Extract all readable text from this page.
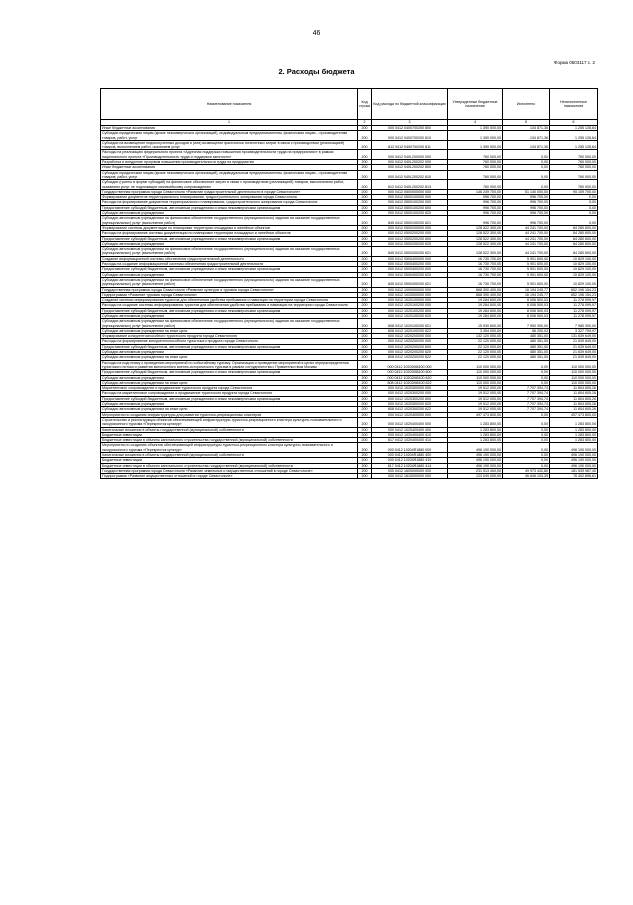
46
Форма 0503117 с. 2
2. Расходы бюджета
Наименование показателя	Код строки	Код расхода по бюджетной классификации	Утвержденные бюджетные назначения	Исполнено	Неисполненные назначения
1	2	3	4	5	6
Иные бюджетные ассигнования	200	000 0412 0400700200 800	1 390 000,00	134 871,36	1 255 128,64
Субсидии юридическим лицам (кроме некоммерческих организаций), индивидуальным предпринимателям, физическим лицам – производителям товаров, работ, услуг	200	000 0412 0400700200 810	1 390 000,00	134 871,36	1 255 128,64
Субсидии на возмещение недополученных доходов и (или) возмещение фактически понесенных затрат в связи с производством (реализацией) товаров, выполнением работ, оказанием услуг	200	812 0412 0400700200 811	1 390 000,00	134 871,36	1 255 128,64
Расходы на реализацию федерального проекта «Адресная поддержка повышения производительности труда на предприятиях» в рамках национального проекта «Производительность труда и поддержка занятости»	200	000 0412 040L200000 000	760 000,00	0,00	760 000,00
Разработка и внедрение программ повышения производительности труда на предприятии	200	000 0412 040L200202 000	760 000,00	0,00	760 000,00
Иные бюджетные ассигнования	200	000 0412 040L200202 800	760 000,00	0,00	760 000,00
Субсидии юридическим лицам (кроме некоммерческих организаций), индивидуальным предпринимателям, физическим лицам – производителям товаров, работ, услуг	200	000 0412 040L200202 810	760 000,00	0,00	760 000,00
Субсидии (гранты в форме субсидий) на финансовое обеспечение затрат в связи с производством (реализацией) товаров, выполнением работ, оказанием услуг, не подлежащие казначейскому сопровождению	200	812 0412 040L200202 813	760 000,00	0,00	760 000,00
Государственная программа города Севастополя «Развитие градостроительной деятельности в городе Севастополе»	200	000 0412 0500000000 000	146 249 700,00	51 140 000,00	95 109 700,00
Формирование документов территориального планирования, градостроительного зонирования города Севастополя	200	000 0412 0500100000 000	996 700,00	996 700,00	0,00
Расходы на формирование документов территориального планирования, градостроительного зонирования города Севастополя	200	000 0412 0500100200 000	996 700,00	996 700,00	0,00
Предоставление субсидий бюджетным, автономным учреждениям и иным некоммерческим организациям	200	000 0412 0500100200 600	996 700,00	996 700,00	0,00
Субсидии автономным учреждениям	200	000 0412 0500100200 620	996 700,00	996 700,00	0,00
Субсидии автономным учреждениям на финансовое обеспечение государственного (муниципального) задания на оказание государственных (муниципальных) услуг (выполнение работ)	200	845 0412 0500100200 621	996 700,00	996 700,00	0,00
Формирование системы документации по планировке территории площадных и линейных объектов	200	000 0412 0500200000 000	128 522 300,00	44 241 700,00	84 280 600,00
Расходы на формирование системы документации по планировке территории площадных и линейных объектов	200	000 0412 0500200200 000	128 522 300,00	44 241 700,00	84 280 600,00
Предоставление субсидий бюджетным, автономным учреждениям и иным некоммерческим организациям	200	000 0412 0500200200 600	128 522 300,00	44 241 700,00	84 280 600,00
Субсидии автономным учреждениям	200	000 0412 0500200200 620	128 522 300,00	44 241 700,00	84 280 600,00
Субсидии автономным учреждениям на финансовое обеспечение государственного (муниципального) задания на оказание государственных (муниципальных) услуг (выполнение работ)	200	845 0412 0500200200 621	128 522 300,00	44 241 700,00	84 280 600,00
Создание информационной системы обеспечения градостроительной деятельности	200	000 0412 0500400000 000	16 730 700,00	5 901 600,00	10 829 100,00
Расходы на создание информационной системы обеспечения градостроительной деятельности	200	000 0412 0500400200 000	16 730 700,00	5 901 600,00	10 829 100,00
Предоставление субсидий бюджетным, автономным учреждениям и иным некоммерческим организациям	200	000 0412 0500400200 600	16 730 700,00	5 901 600,00	10 829 100,00
Субсидии автономным учреждениям	200	000 0412 0500400200 620	16 730 700,00	5 901 600,00	10 829 100,00
Субсидии автономным учреждениям на финансовое обеспечение государственного (муниципального) задания на оказание государственных (муниципальных) услуг (выполнение работ)	200	845 0412 0500400200 621	16 730 700,00	5 901 600,00	10 829 100,00
Государственная программа города Севастополя «Развитие культуры и туризма города Севастополя»	200	000 0412 1000000000 000	668 390 400,00	16 194 245,77	652 196 154,23
Подпрограмма «Развитие туризма города Севастополя»	200	000 0412 1020000000 000	668 390 400,00	16 194 245,77	652 196 154,23
Создание системы информирования туристов для обеспечения удобства пребывания и навигации на территории города Севастополя	200	000 0412 1020100000 000	19 284 600,00	8 006 500,03	11 278 099,97
Расходы на создание системы информирования туристов для обеспечения удобства пребывания и навигации на территории города Севастополя	200	000 0412 1020100200 000	19 284 600,00	8 006 500,03	11 278 099,97
Предоставление субсидий бюджетным, автономным учреждениям и иным некоммерческим организациям	200	000 0412 1020100200 600	19 284 600,00	8 006 500,03	11 278 099,97
Субсидии автономным учреждениям	200	000 0412 1020100200 620	19 284 600,00	8 006 500,03	11 278 099,97
Субсидии автономным учреждениям на финансовое обеспечение государственного (муниципального) задания на оказание государственных (муниципальных) услуг (выполнение работ)	200	808 0412 1020100200 621	15 930 600,00	7 950 300,00	7 980 300,00
Субсидии автономным учреждениям на иные цели	200	808 0412 1020100200 622	3 354 000,00	56 200,03	3 327 799,97
Формирование конкурентоспособного туристского продукта города Севастополя	200	000 0412 1020200000 000	132 120 000,00	480 351,00	131 639 649,00
Расходы на формирование конкурентоспособного туристского продукта города Севастополя	200	000 0412 1020200200 000	22 120 000,00	480 351,00	21 639 649,00
Предоставление субсидий бюджетным, автономным учреждениям и иным некоммерческим организациям	200	000 0412 1020200200 600	22 120 000,00	480 351,00	21 639 649,00
Субсидии автономным учреждениям	200	000 0412 1020200200 620	22 120 000,00	480 351,00	21 639 649,00
Субсидии автономным учреждениям на иные цели	200	808 0412 1020200200 622	22 120 000,00	480 351,00	21 639 649,00
Расходы на подготовку к проведению мероприятий по событийному туризму. Организация и проведение мероприятий в целях перераспределения туристского потока и развития всесезонного военно-исторического туризма в рамках сотрудничества с Правительством Москвы	200	000 0412 10202M8100 000	110 000 000,00	0,00	110 000 000,00
Предоставление субсидий бюджетным, автономным учреждениям и иным некоммерческим организациям	200	000 0412 10202M8100 600	110 000 000,00	0,00	110 000 000,00
Субсидии автономным учреждениям	200	000 0412 10202M8100 620	110 000 000,00	0,00	110 000 000,00
Субсидии автономным учреждениям на иные цели	200	808 0412 10202M8100 622	110 000 000,00	0,00	110 000 000,00
Маркетинговое сопровождение и продвижение туристского продукта города Севастополя	200	000 0412 1020300000 000	19 512 000,00	7 707 394,74	11 804 605,26
Расходы на маркетинговое сопровождение и продвижение туристского продукта города Севастополя	200	000 0412 1020300200 000	19 512 000,00	7 707 394,74	11 804 605,26
Предоставление субсидий бюджетным, автономным учреждениям и иным некоммерческим организациям	200	000 0412 1020300200 600	19 512 000,00	7 707 394,74	11 804 605,26
Субсидии автономным учреждениям	200	000 0412 1020300200 620	19 512 000,00	7 707 394,74	11 804 605,26
Субсидии автономным учреждениям на иные цели	200	808 0412 1020300200 622	19 512 000,00	7 707 394,74	11 804 605,26
Мероприятия по созданию инфраструктуры для развития туристско-рекреационных кластеров	200	000 0412 1020400000 000	497 473 800,00	0,00	497 473 800,00
Строительство и реконструкция объектов обеспечивающей инфраструктуры туристско-рекреационного кластера культурно-познавательного и экскурсионного туризма «Перекресток культур»	200	000 0412 1020400400 000	1 283 800,00	0,00	1 283 800,00
Капитальные вложения в объекты государственной (муниципальной) собственности	200	000 0412 1020400400 400	1 283 800,00	0,00	1 283 800,00
Бюджетные инвестиции	200	000 0412 1020400400 410	1 283 800,00	0,00	1 283 800,00
Бюджетные инвестиции в объекты капитального строительства государственной (муниципальной) собственности	200	817 0412 1020400400 414	1 283 800,00	0,00	1 283 800,00
Мероприятия по созданию объектов обеспечивающей инфраструктуры туристско-рекреационного кластера культурно-познавательного и экскурсионного туризма «Перекресток культур»	200	000 0412 10204R1880 000	496 190 000,00	0,00	496 190 000,00
Капитальные вложения в объекты государственной (муниципальной) собственности	200	000 0412 10204R1880 400	496 190 000,00	0,00	496 190 000,00
Бюджетные инвестиции	200	000 0412 10204R1880 410	496 190 000,00	0,00	496 190 000,00
Бюджетные инвестиции в объекты капитального строительства государственной (муниципальной) собственности	200	817 0412 10204R1880 414	496 190 000,00	0,00	496 190 000,00
Государственная программа города Севастополя «Развитие земельных и имущественных отношений в городе Севастополе»	200	000 0412 1600000000 000	231 513 400,00	49 973 432,80	181 539 967,40
Подпрограмма «Развитие имущественных отношений в городе Севастополе»	200	000 0412 1610000000 000	123 049 000,00	46 646 103,39	76 402 896,61
